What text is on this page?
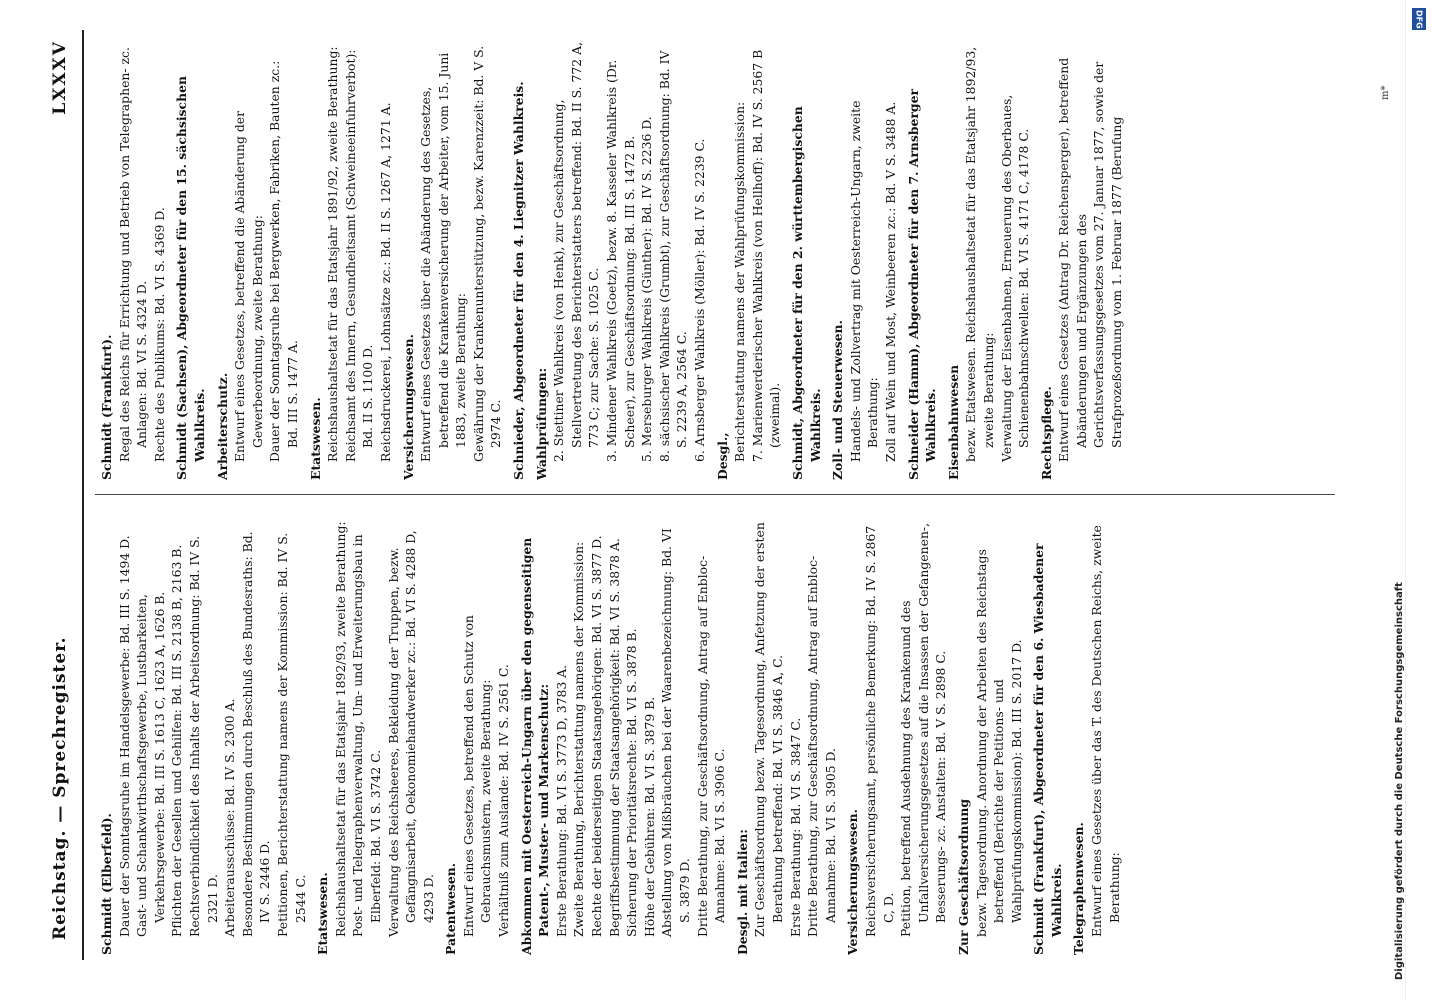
Reichstag. — Sprechregister.
LXXXV

Schmidt (Elberfeld). Dauer der Sonntagsruhe im Handelsgewerbe: Bd. III S. 1494 D. Gast- und Schankwirthschaftsgewerbe, Lustbarkeiten, Verkehrsgewerbe: Bd. III S. 1613 C, 1623 A, 1626 B. Pflichten der Gesellen und Gehilfen: Bd. III S. 2138 B, 2163 B. Rechtsverbindlichkeit des Inhalts der Arbeitsordnung: Bd. IV S. 2321 D. Arbeiterausschüsse: Bd. IV S. 2300 A. Besondere Bestimmungen durch Beschluß des Bundesraths: Bd. IV S. 2446 D. Petitionen, Berichterstattung namens der Kommission: Bd. IV S. 2544 C. Etatswesen. Reichshaushaltsetat für das Etatsjahr 1892/93, zweite Berathung: Post- und Telegraphenverwaltung, Um- und Erweiterungsbau in Elberfeld: Bd. VI S. 3742 C. Verwaltung des Reichsheeres, Bekleidung der Truppen, bezw. Gefängnisarbeit, Oekonomiehandwerker zc.: Bd. VI S. 4288 D, 4293 D. Patentwesen. Entwurf eines Gesetzes, betreffend den Schutz von Gebrauchsmustern, zweite Berathung: Verhältniß zum Auslande: Bd. IV S. 2561 C. Abkommen mit Oesterreich-Ungarn über den gegenseitigen Patent-, Muster- und Markenschutz: Erste Berathung: Bd. VI S. 3773 D, 3783 A. Zweite Berathung, Berichterstattung namens der Kommission: Rechte der beiderseitigen Staatsangehörigen: Bd. VI S. 3877 D. Begriffsbestimmung der Staatsangehörigkeit: Bd. VI S. 3878 A. Sicherung der Prioritätsrechte: Bd. VI S. 3878 B. Höhe der Gebühren: Bd. VI S. 3879 B. Abstellung von Mißbräuchen bei der Waarenbezeichnung: Bd. VI S. 3879 D. Dritte Berathung, zur Geschäftsordnung, Antrag auf Enbloc-Annahme: Bd. VI S. 3906 C. Desgl. mit Italien: Zur Geschäftsordnung bezw. Tagesordnung, Anfetzung der ersten Berathung betreffend: Bd. VI S. 3846 A, C. Erste Berathung: Bd. VI S. 3847 C. Dritte Berathung, zur Geschäftsordnung, Antrag auf Enbloc-Annahme: Bd. VI S. 3905 D. Versicherungswesen. Reichsversicherungsamt, persönliche Bemerkung: Bd. IV S. 2867 C, D. Petition, betreffend Ausdehnung des Krankenund des Unfallversicherungsgesetzes auf die Insassen der Gefangenen-, Besserungs- zc. Anstalten: Bd. V S. 2898 C. Zur Geschäftsordnung bezw. Tagesordnung. Anordnung der Arbeiten des Reichstags betreffend (Berichte der Petitions- und Wahlprüfungskommission): Bd. III S. 2017 D. Schmidt (Frankfurt), Abgeordneter für den 6. Wiesbadener Wahlkreis. Telegraphenwesen. Entwurf eines Gesetzes über das T. des Deutschen Reichs, zweite Berathung:

Schmidt (Frankfurt). Regal des Reichs für Errichtung und Betrieb von Telegraphen- zc. Anlagen: Bd. VI S. 4324 D. Rechte des Publikums: Bd. VI S. 4369 D. Schmidt (Sachsen), Abgeordneter für den 15. sächsischen Wahlkreis. Arbeiterschutz. Entwurf eines Gesetzes, betreffend die Abänderung der Gewerbeordnung, zweite Berathung: Dauer der Sonntagsruhe bei Bergwerken, Fabriken, Bauten zc.: Bd. III S. 1477 A. Etatswesen. Reichshaushaltsetat für das Etatsjahr 1891/92, zweite Berathung: Reichsamt des Innern, Gesundheitsamt (Schweineeinfuhrverbot): Bd. II S. 1100 D. Reichsdruckerei, Lohnsätze zc.: Bd. II S. 1267 A, 1271 A. Versicherungswesen. Entwurf eines Gesetzes über die Abänderung des Gesetzes, betreffend die Krankenversicherung der Arbeiter, vom 15. Juni 1883, zweite Berathung: Gewährung der Krankenunterstützung, bezw. Karenzzeit: Bd. V S. 2974 C. Schnieder, Abgeordneter für den 4. Liegnitzer Wahlkreis. Wahlprüfungen: 2. Stettiner Wahlkreis (von Henk), zur Geschäftsordnung, Stellvertretung des Berichterstatters betreffend: Bd. II S. 772 A, 773 C; zur Sache: S. 1025 C. 3. Mindener Wahlkreis (Goetz), bezw. 8. Kasseler Wahlkreis (Dr. Scheer), zur Geschäftsordnung: Bd. III S. 1472 B. 5. Merseburger Wahlkreis (Günther): Bd. IV S. 2236 D. 8. sächsischer Wahlkreis (Grumbt), zur Geschäftsordnung: Bd. IV S. 2239 A, 2564 C. 6. Arnsberger Wahlkreis (Möller): Bd. IV S. 2239 C. Desgl., Berichterstattung namens der Wahlprüfungskommission: 7. Marienwerderischer Wahlkreis (von Hellhoff): Bd. IV S. 2567 B (zweimal). Schmidt, Abgeordneter für den 2. württembergischen Wahlkreis. Zoll- und Steuerwesen. Handels- und Zollvertrag mit Oesterreich-Ungarn, zweite Berathung: Zoll auf Wein und Most, Weinbeeren zc.: Bd. V S. 3488 A. Schneider (Hamm), Abgeordneter für den 7. Arnsberger Wahlkreis. Eisenbahnwesen bezw. Etatswesen. Reichshaushaltsetat für das Etatsjahr 1892/93, zweite Berathung: Verwaltung der Eisenbahnen, Erneuerung des Oberbaues, Schienenbahnschwellen: Bd. VI S. 4171 C, 4178 C. Rechtspflege. Entwurf eines Gesetzes (Antrag Dr. Reichensperger), betreffend Abänderungen und Ergänzungen des Gerichtsverfassungsgesetzes vom 27. Januar 1877, sowie der Strafprozeßordnung vom 1. Februar 1877 (Berufung

m*
DFG
Digitalisierung gefördert durch die Deutsche Forschungsgemeinschaft
